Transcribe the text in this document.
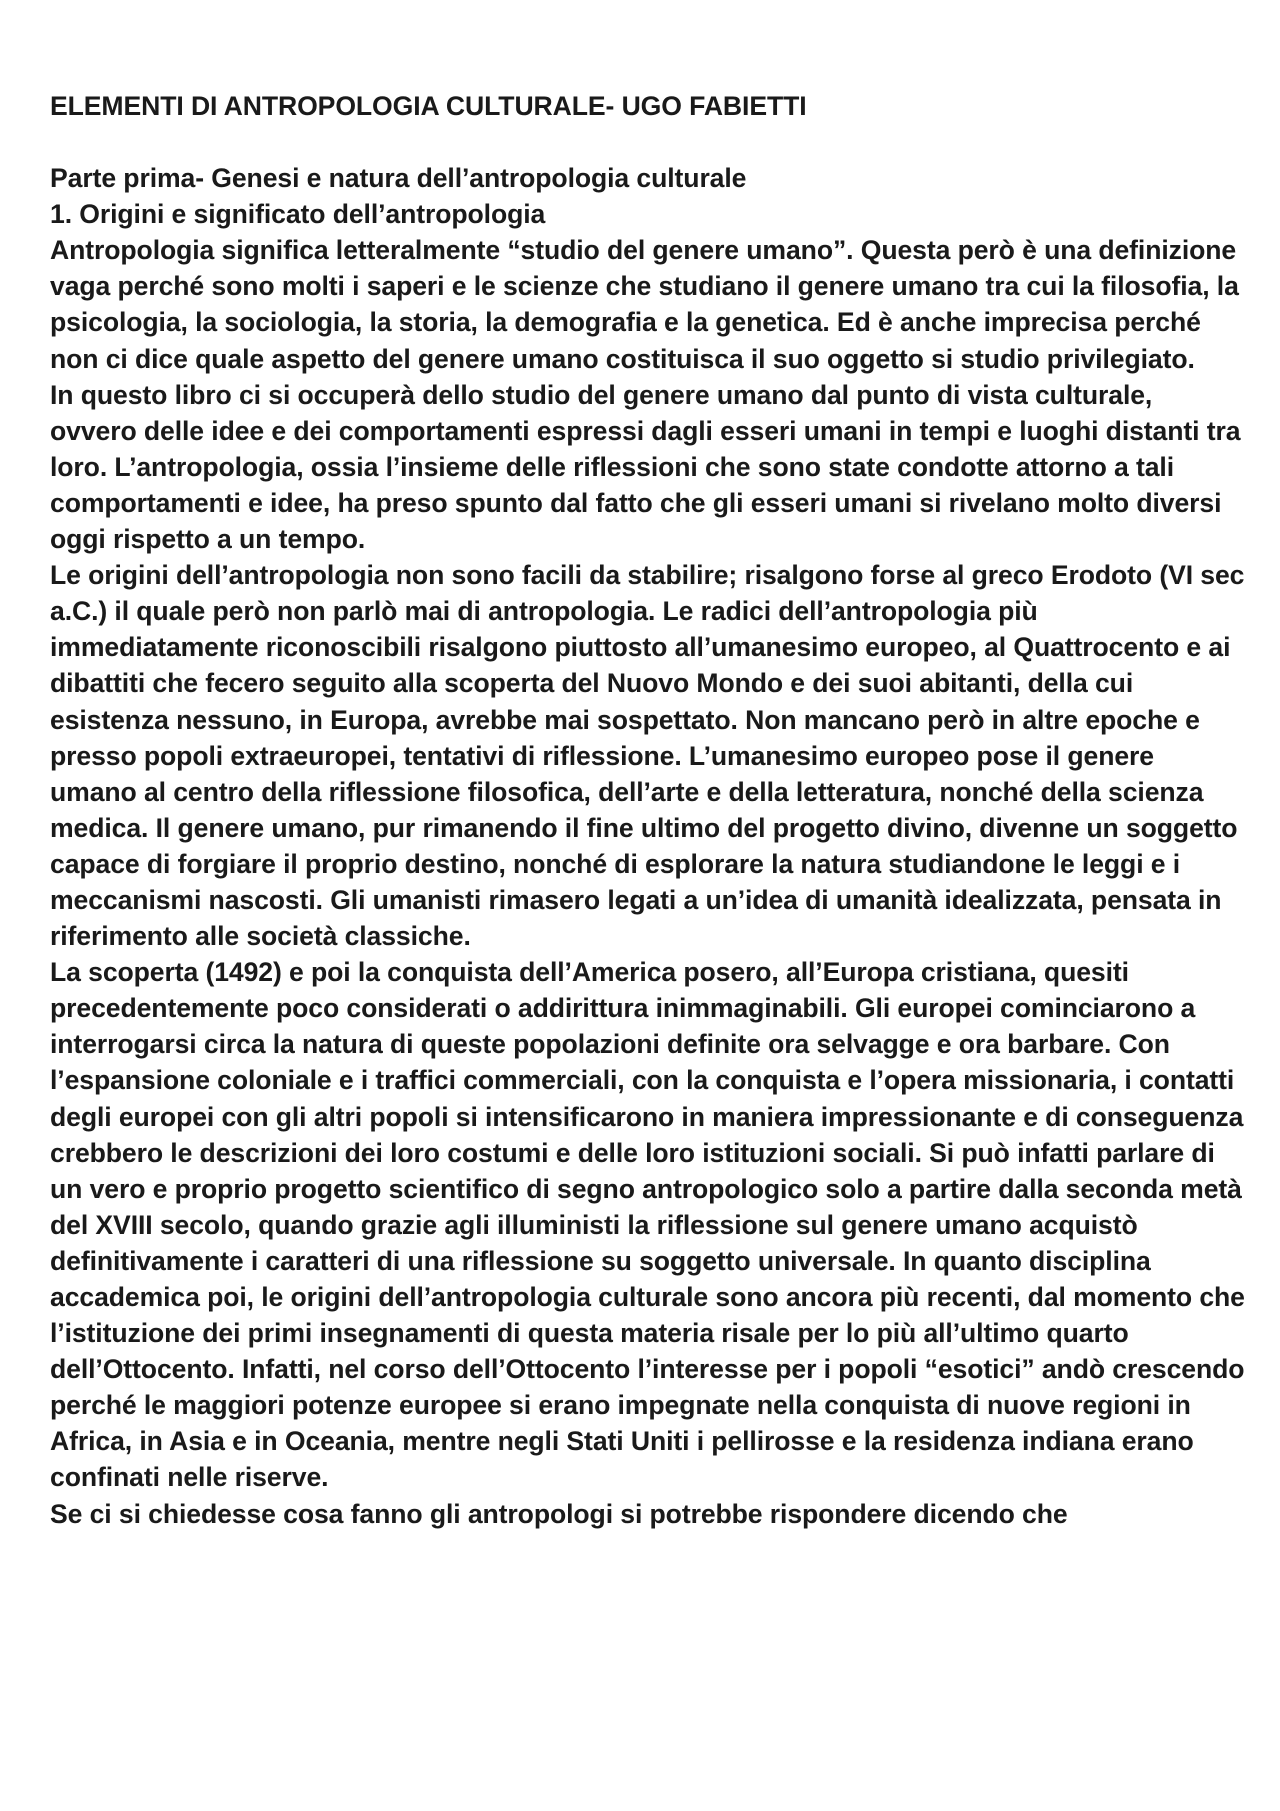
ELEMENTI DI ANTROPOLOGIA CULTURALE- UGO FABIETTI

Parte prima- Genesi e natura dell’antropologia culturale

1. Origini e significato dell’antropologia

Antropologia significa letteralmente “studio del genere umano”. Questa però è una definizione vaga perché sono molti i saperi e le scienze che studiano il genere umano tra cui la filosofia, la psicologia, la sociologia, la storia, la demografia e la genetica. Ed è anche imprecisa perché non ci dice quale aspetto del genere umano costituisca il suo oggetto si studio privilegiato.

In questo libro ci si occuperà dello studio del genere umano dal punto di vista culturale, ovvero delle idee e dei comportamenti espressi dagli esseri umani in tempi e luoghi distanti tra loro. L’antropologia, ossia l’insieme delle riflessioni che sono state condotte attorno a tali comportamenti e idee, ha preso spunto dal fatto che gli esseri umani si rivelano molto diversi oggi rispetto a un tempo.

Le origini dell’antropologia non sono facili da stabilire; risalgono forse al greco Erodoto (VI sec a.C.) il quale però non parlò mai di antropologia. Le radici dell’antropologia più immediatamente riconoscibili risalgono piuttosto all’umanesimo europeo, al Quattrocento e ai dibattiti che fecero seguito alla scoperta del Nuovo Mondo e dei suoi abitanti, della cui esistenza nessuno, in Europa, avrebbe mai sospettato. Non mancano però in altre epoche e presso popoli extraeuropei, tentativi di riflessione. L’umanesimo europeo pose il genere umano al centro della riflessione filosofica, dell’arte e della letteratura, nonché della scienza medica. Il genere umano, pur rimanendo il fine ultimo del progetto divino, divenne un soggetto capace di forgiare il proprio destino, nonché di esplorare la natura studiandone le leggi e i meccanismi nascosti. Gli umanisti rimasero legati a un’idea di umanità idealizzata, pensata in riferimento alle società classiche.

La scoperta (1492) e poi la conquista dell’America posero, all’Europa cristiana, quesiti precedentemente poco considerati o addirittura inimmaginabili. Gli europei cominciarono a interrogarsi circa la natura di queste popolazioni definite ora selvagge e ora barbare. Con l’espansione coloniale e i traffici commerciali, con la conquista e l’opera missionaria, i contatti degli europei con gli altri popoli si intensificarono in maniera impressionante e di conseguenza crebbero le descrizioni dei loro costumi e delle loro istituzioni sociali. Si può infatti parlare di un vero e proprio progetto scientifico di segno antropologico solo a partire dalla seconda metà del XVIII secolo, quando grazie agli illuministi la riflessione sul genere umano acquistò definitivamente i caratteri di una riflessione su soggetto universale. In quanto disciplina accademica poi, le origini dell’antropologia culturale sono ancora più recenti, dal momento che l’istituzione dei primi insegnamenti di questa materia risale per lo più all’ultimo quarto dell’Ottocento. Infatti, nel corso dell’Ottocento l’interesse per i popoli “esotici” andò crescendo perché le maggiori potenze europee si erano impegnate nella conquista di nuove regioni in Africa, in Asia e in Oceania, mentre negli Stati Uniti i pellirosse e la residenza indiana erano confinati nelle riserve.

Se ci si chiedesse cosa fanno gli antropologi si potrebbe rispondere dicendo che
